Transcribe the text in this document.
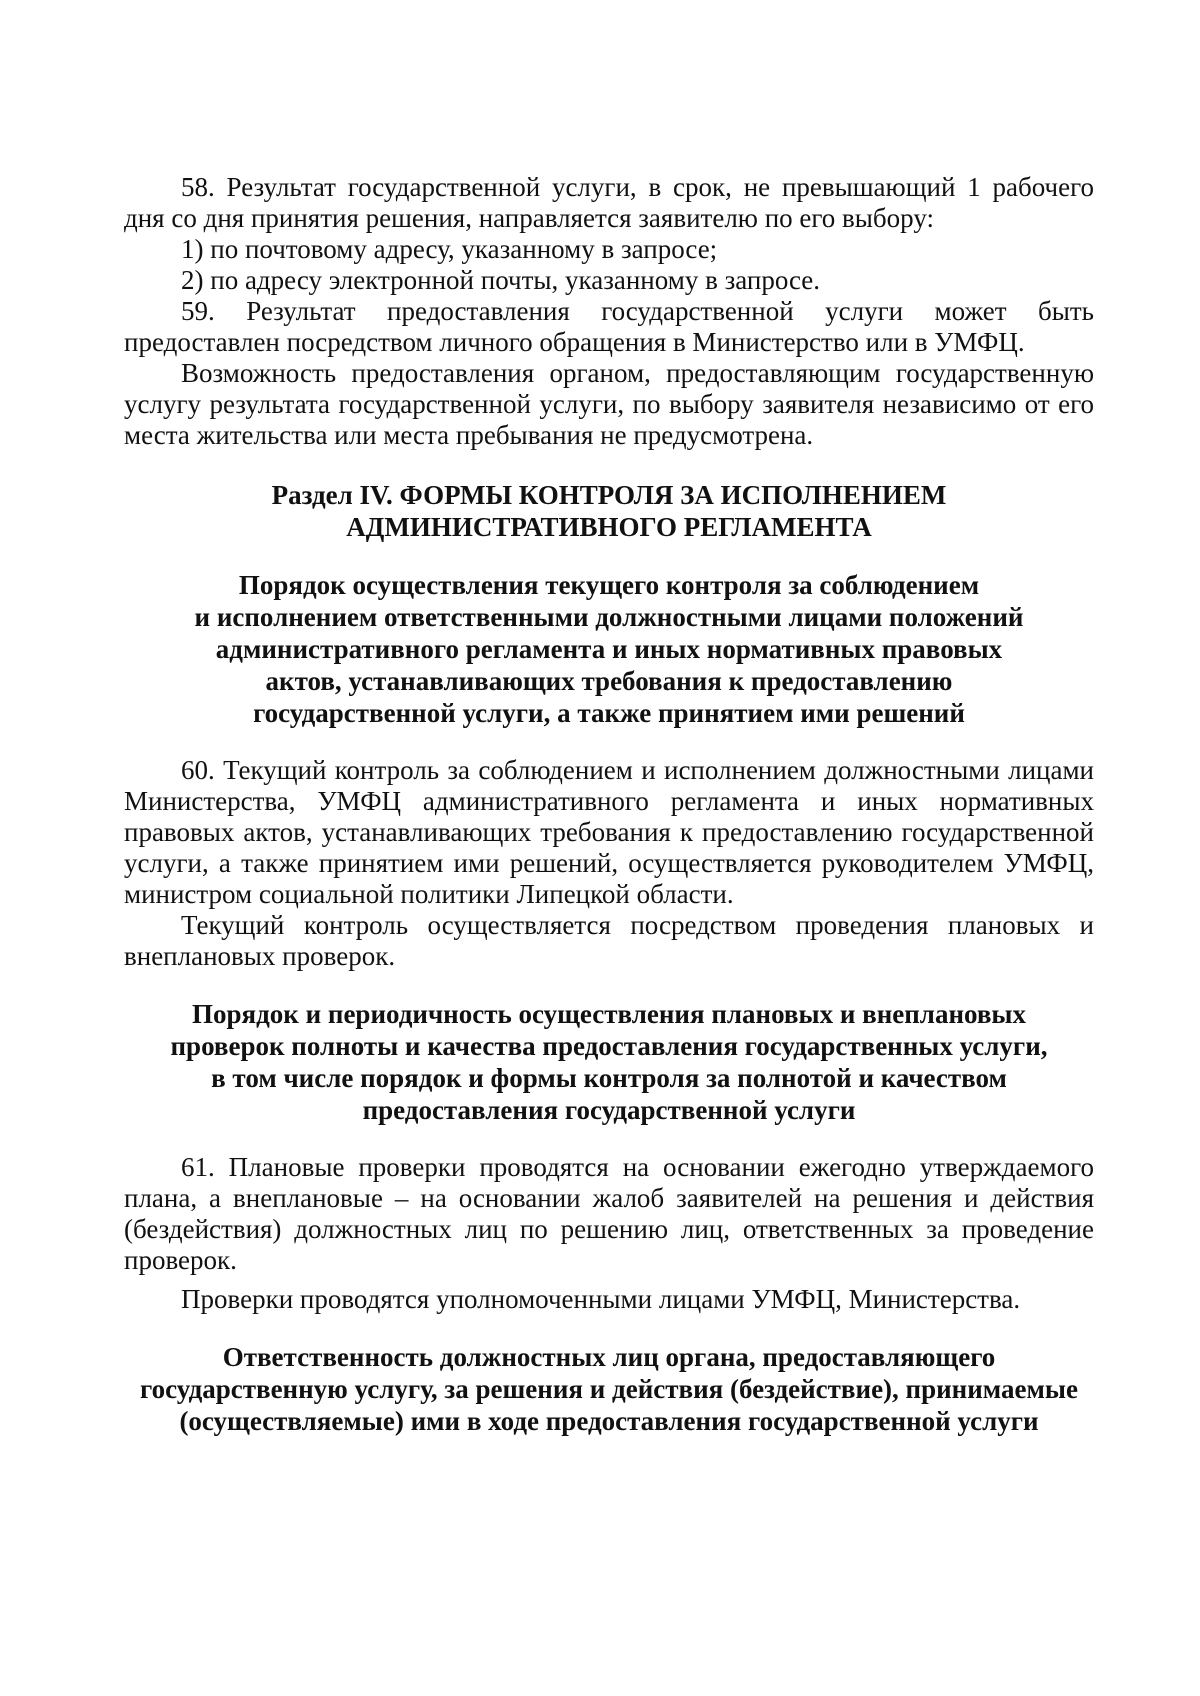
58. Результат государственной услуги, в срок, не превышающий 1 рабочего дня со дня принятия решения, направляется заявителю по его выбору:

1) по почтовому адресу, указанному в запросе;

2) по адресу электронной почты, указанному в запросе.

59. Результат предоставления государственной услуги может быть предоставлен посредством личного обращения в Министерство или в УМФЦ.

Возможность предоставления органом, предоставляющим государственную услугу результата государственной услуги, по выбору заявителя независимо от его места жительства или места пребывания не предусмотрена.

Раздел IV. ФОРМЫ КОНТРОЛЯ ЗА ИСПОЛНЕНИЕМ
АДМИНИСТРАТИВНОГО РЕГЛАМЕНТА
Порядок осуществления текущего контроля за соблюдением
и исполнением ответственными должностными лицами положений
административного регламента и иных нормативных правовых
актов, устанавливающих требования к предоставлению
государственной услуги, а также принятием ими решений

60. Текущий контроль за соблюдением и исполнением должностными лицами Министерства, УМФЦ административного регламента и иных нормативных правовых актов, устанавливающих требования к предоставлению государственной услуги, а также принятием ими решений, осуществляется руководителем УМФЦ, министром социальной политики Липецкой области.

Текущий контроль осуществляется посредством проведения плановых и внеплановых проверок.

Порядок и периодичность осуществления плановых и внеплановых
проверок полноты и качества предоставления государственных услуги,
в том числе порядок и формы контроля за полнотой и качеством
предоставления государственной услуги

61. Плановые проверки проводятся на основании ежегодно утверждаемого плана, а внеплановые – на основании жалоб заявителей на решения и действия (бездействия) должностных лиц по решению лиц, ответственных за проведение проверок.

Проверки проводятся уполномоченными лицами УМФЦ, Министерства.

Ответственность должностных лиц органа, предоставляющего
государственную услугу, за решения и действия (бездействие), принимаемые
(осуществляемые) ими в ходе предоставления государственной услуги
